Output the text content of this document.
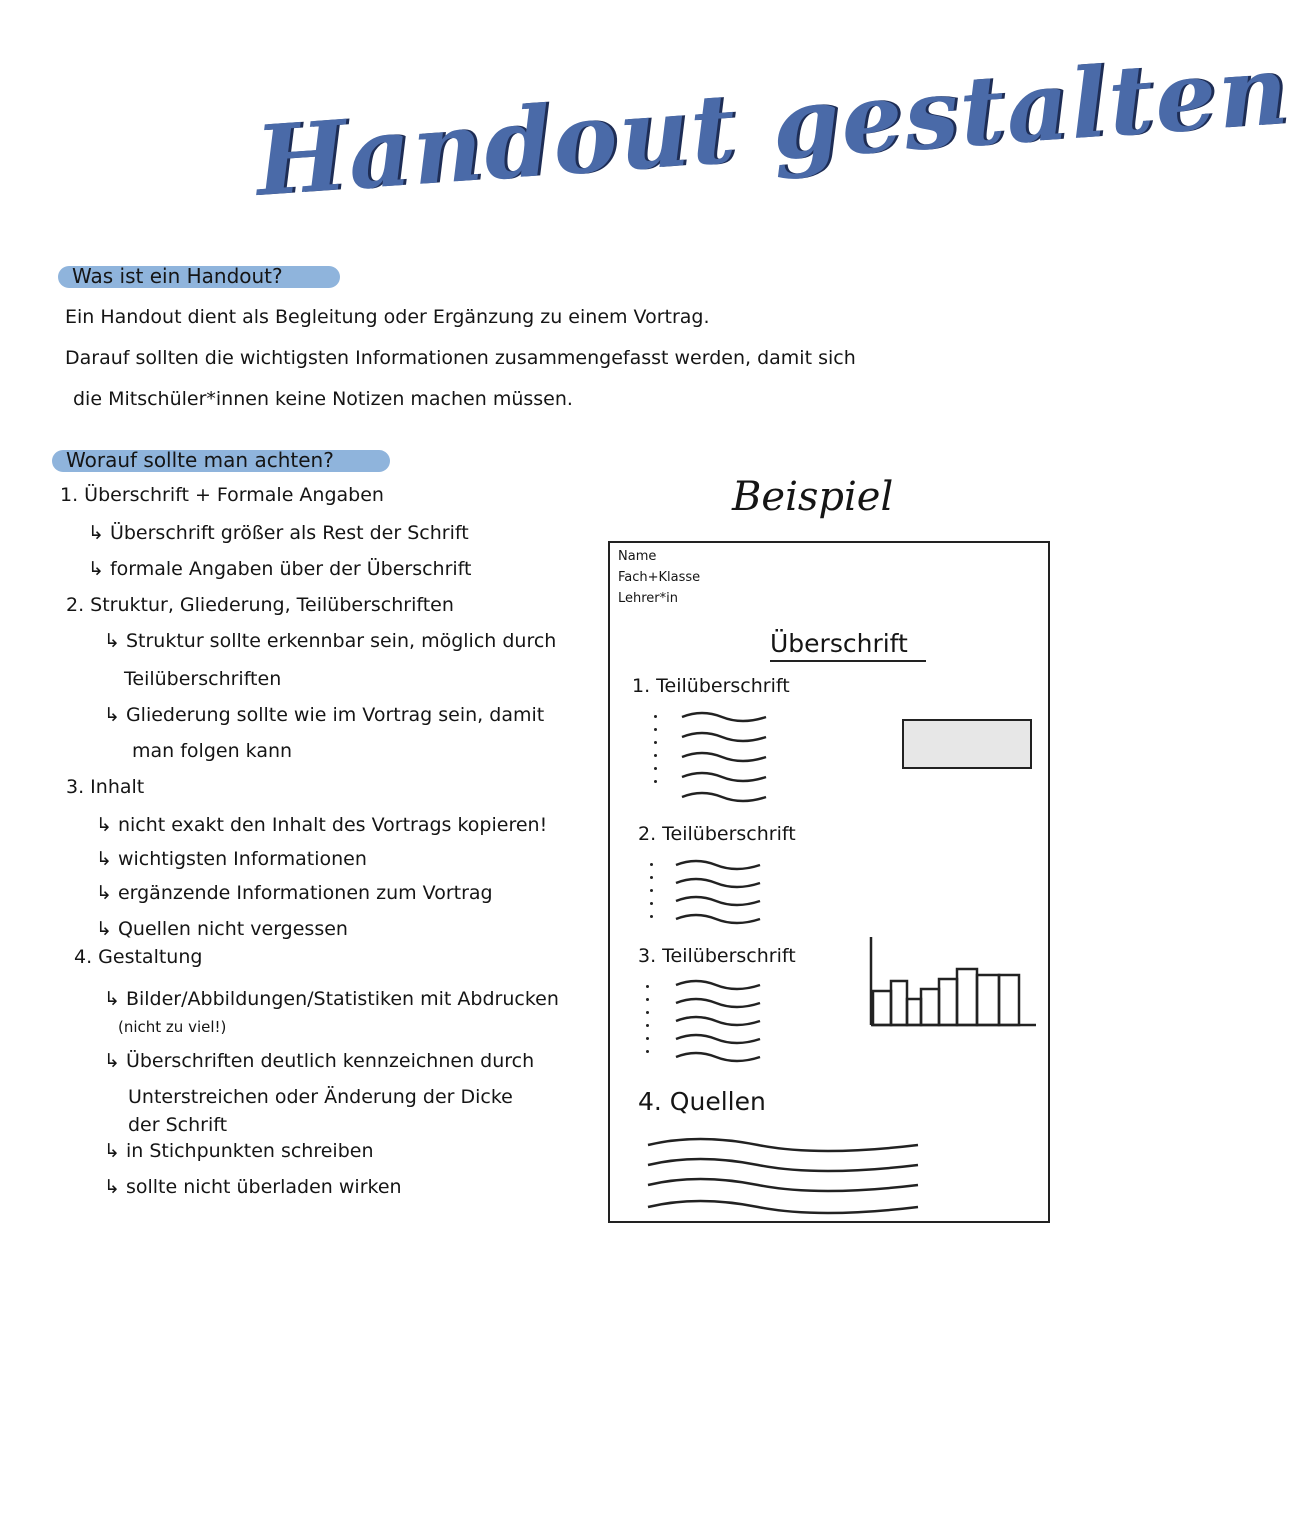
Handout gestalten
Was ist ein Handout?
Ein Handout dient als Begleitung oder Ergänzung zu einem Vortrag.
Darauf sollten die wichtigsten Informationen zusammengefasst werden, damit sich
die Mitschüler*innen keine Notizen machen müssen.
Worauf sollte man achten?
1. Überschrift + Formale Angaben
↳ Überschrift größer als Rest der Schrift
↳ formale Angaben über der Überschrift
2. Struktur, Gliederung, Teilüberschriften
↳ Struktur sollte erkennbar sein, möglich durch
Teilüberschriften
↳ Gliederung sollte wie im Vortrag sein, damit
man folgen kann
3. Inhalt
↳ nicht exakt den Inhalt des Vortrags kopieren!
↳ wichtigsten Informationen
↳ ergänzende Informationen zum Vortrag
↳ Quellen nicht vergessen
4. Gestaltung
↳ Bilder/Abbildungen/Statistiken mit Abdrucken
(nicht zu viel!)
↳ Überschriften deutlich kennzeichnen durch
Unterstreichen oder Änderung der Dicke
der Schrift
↳ in Stichpunkten schreiben
↳ sollte nicht überladen wirken
Beispiel
Name
Fach+Klasse
Lehrer*in
Überschrift
1. Teilüberschrift
2. Teilüberschrift
3. Teilüberschrift
4. Quellen
